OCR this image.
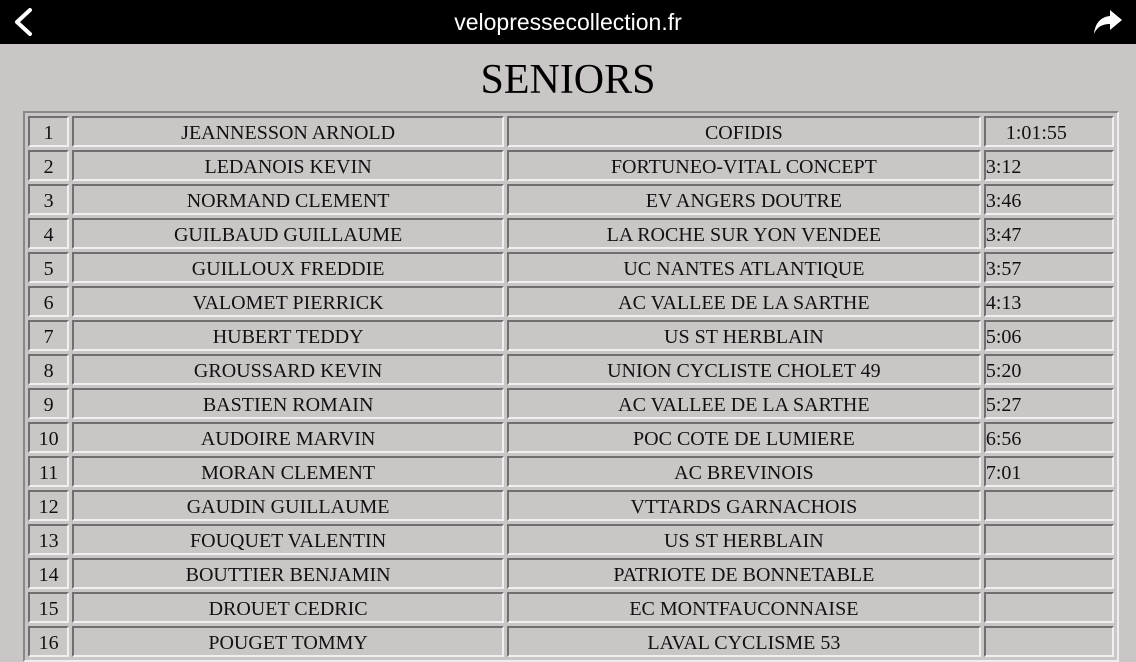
velopressecollection.fr
SENIORS
1	JEANNESSON ARNOLD	COFIDIS	1:01:55
2	LEDANOIS KEVIN	FORTUNEO-VITAL CONCEPT	3:12
3	NORMAND CLEMENT	EV ANGERS DOUTRE	3:46
4	GUILBAUD GUILLAUME	LA ROCHE SUR YON VENDEE	3:47
5	GUILLOUX FREDDIE	UC NANTES ATLANTIQUE	3:57
6	VALOMET PIERRICK	AC VALLEE DE LA SARTHE	4:13
7	HUBERT TEDDY	US ST HERBLAIN	5:06
8	GROUSSARD KEVIN	UNION CYCLISTE CHOLET 49	5:20
9	BASTIEN ROMAIN	AC VALLEE DE LA SARTHE	5:27
10	AUDOIRE MARVIN	POC COTE DE LUMIERE	6:56
11	MORAN CLEMENT	AC BREVINOIS	7:01
12	GAUDIN GUILLAUME	VTTARDS GARNACHOIS	
13	FOUQUET VALENTIN	US ST HERBLAIN	
14	BOUTTIER BENJAMIN	PATRIOTE DE BONNETABLE	
15	DROUET CEDRIC	EC MONTFAUCONNAISE	
16	POUGET TOMMY	LAVAL CYCLISME 53	
